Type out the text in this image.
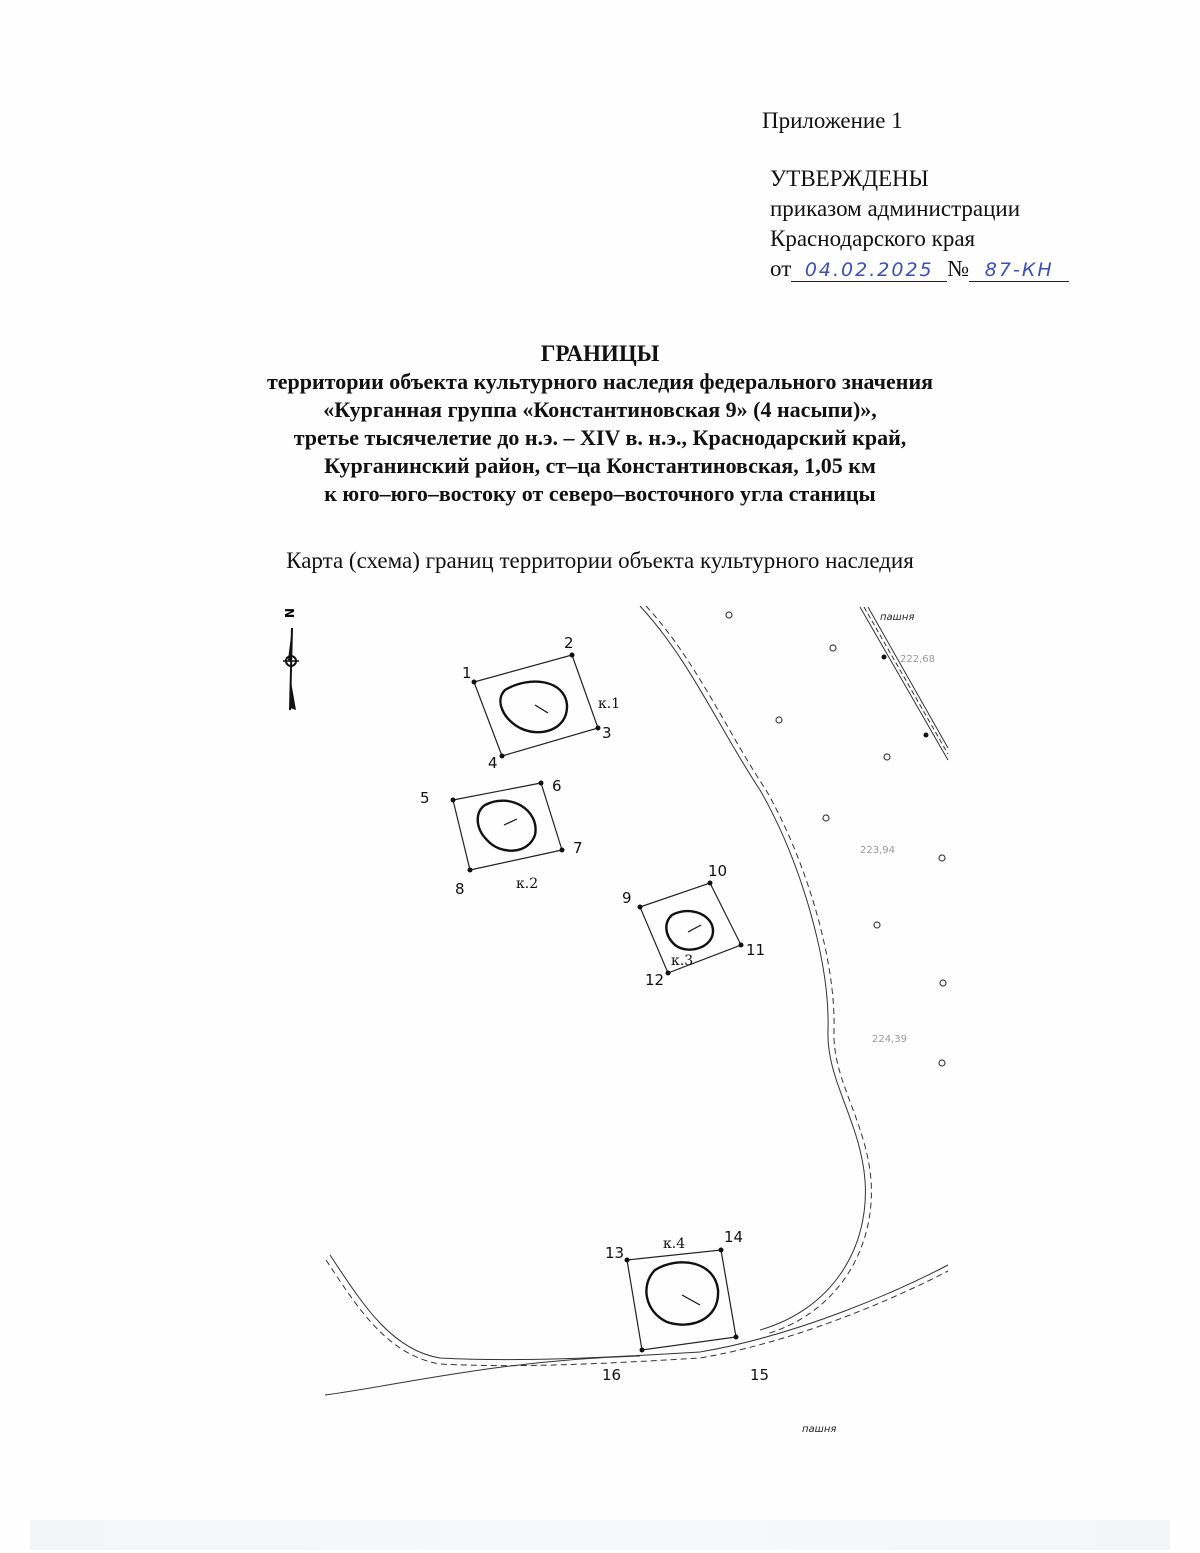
Приложение 1
УТВЕРЖДЕНЫ
приказом администрации
Краснодарского края
от 04.02.2025 № 87-КН
ГРАНИЦЫ
территории объекта культурного наследия федерального значения
«Курганная группа «Константиновская 9» (4 насыпи)»,
третье тысячелетие до н.э. – XIV в. н.э., Краснодарский край,
Курганинский район, ст–ца Константиновская, 1,05 км
к юго–юго–востоку от северо–восточного угла станицы
Карта (схема) границ территории объекта культурного наследия
N
1
2
3
4
5
6
7
8	9
10
11
12
13
14
15
16
к.1
к.2
к.3
к.4
222,68
223,94
224,39
пашня
пашня
